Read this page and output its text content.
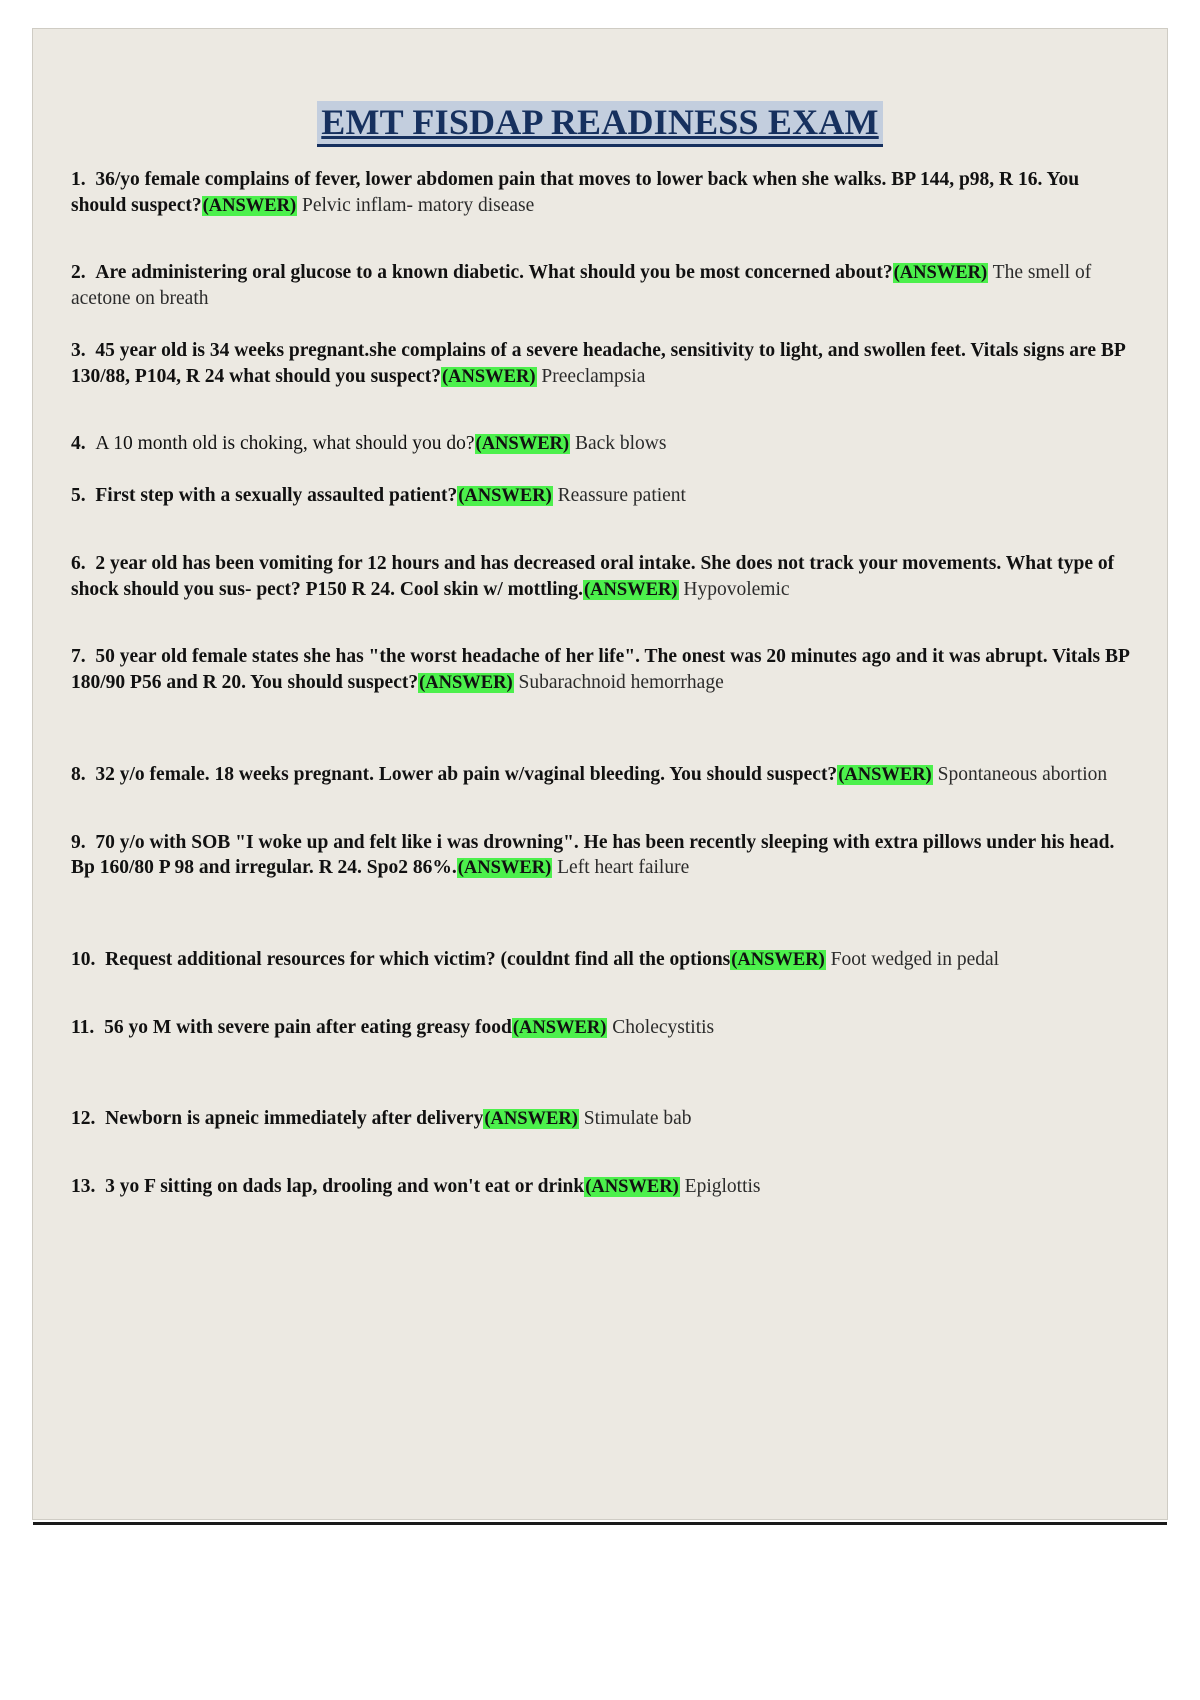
EMT FISDAP READINESS EXAM
1. 36/yo female complains of fever, lower abdomen pain that moves to lower back when she walks. BP 144, p98, R 16. You should suspect?(ANSWER) Pelvic inflam- matory disease
2. Are administering oral glucose to a known diabetic. What should you be most concerned about?(ANSWER) The smell of acetone on breath
3. 45 year old is 34 weeks pregnant.she complains of a severe headache, sensitivity to light, and swollen feet. Vitals signs are BP 130/88, P104, R 24 what should you suspect?(ANSWER) Preeclampsia
4. A 10 month old is choking, what should you do?(ANSWER) Back blows
5. First step with a sexually assaulted patient?(ANSWER) Reassure patient
6. 2 year old has been vomiting for 12 hours and has decreased oral intake. She does not track your movements. What type of shock should you sus- pect? P150 R 24. Cool skin w/ mottling.(ANSWER) Hypovolemic
7. 50 year old female states she has "the worst headache of her life". The onest was 20 minutes ago and it was abrupt. Vitals BP 180/90 P56 and R 20. You should suspect?(ANSWER) Subarachnoid hemorrhage
8. 32 y/o female. 18 weeks pregnant. Lower ab pain w/vaginal bleeding. You should suspect?(ANSWER) Spontaneous abortion
9. 70 y/o with SOB "I woke up and felt like i was drowning". He has been recently sleeping with extra pillows under his head. Bp 160/80 P 98 and irregular. R 24. Spo2 86%.(ANSWER) Left heart failure
10. Request additional resources for which victim? (couldnt find all the options(ANSWER) Foot wedged in pedal
11. 56 yo M with severe pain after eating greasy food(ANSWER) Cholecystitis
12. Newborn is apneic immediately after delivery(ANSWER) Stimulate bab
13. 3 yo F sitting on dads lap, drooling and won't eat or drink(ANSWER) Epiglottis
